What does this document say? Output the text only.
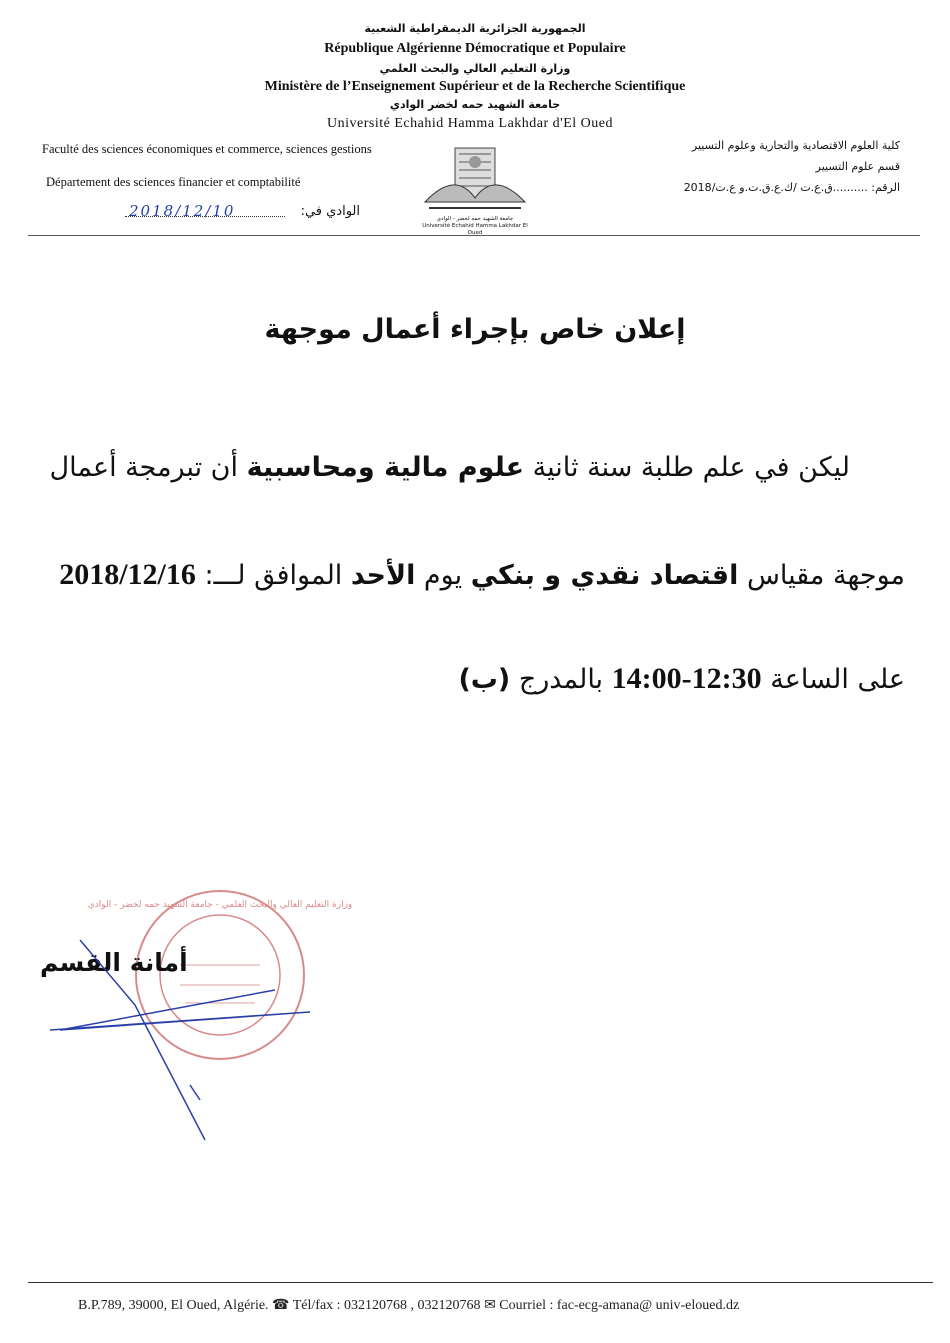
الجمهورية الجزائرية الديمقراطية الشعبية
République Algérienne Démocratique et Populaire
وزارة التعليم العالي والبحث العلمي
Ministère de l’Enseignement Supérieur et de la Recherche Scientifique
جامعة الشهيد حمه لخضر الوادي
Université Echahid Hamma Lakhdar d'El Oued
Faculté des sciences économiques et commerce, sciences gestions
Département des sciences financier et comptabilité
2018/12/10	الوادي في:
كلية العلوم الاقتصادية والتجارية وعلوم التسيير
قسم علوم التسيير
الرقم: ..........ق.ع.ت /ك.ع.ق.ت.و ع.ت/2018
جامعة الشهيد حمه لخضر - الوادي
Université Echahid Hamma Lakhdar El Oued
إعلان خاص بإجراء أعمال موجهة
ليكن في علم طلبة سنة ثانية علوم مالية ومحاسبية أن تبرمجة أعمال
موجهة مقياس اقتصاد نقدي و بنكي يوم الأحد الموافق لـــ: 2018/12/16
على الساعة 14:00-12:30 بالمدرج (ب)
وزارة التعليم العالي والبحث العلمي - جامعة الشهيد حمه لخضر - الوادي
أمانة القسم
B.P.789, 39000, El Oued, Algérie. ☎ Tél/fax : 032120768 , 032120768 ✉ Courriel : fac-ecg-amana@ univ-eloued.dz
